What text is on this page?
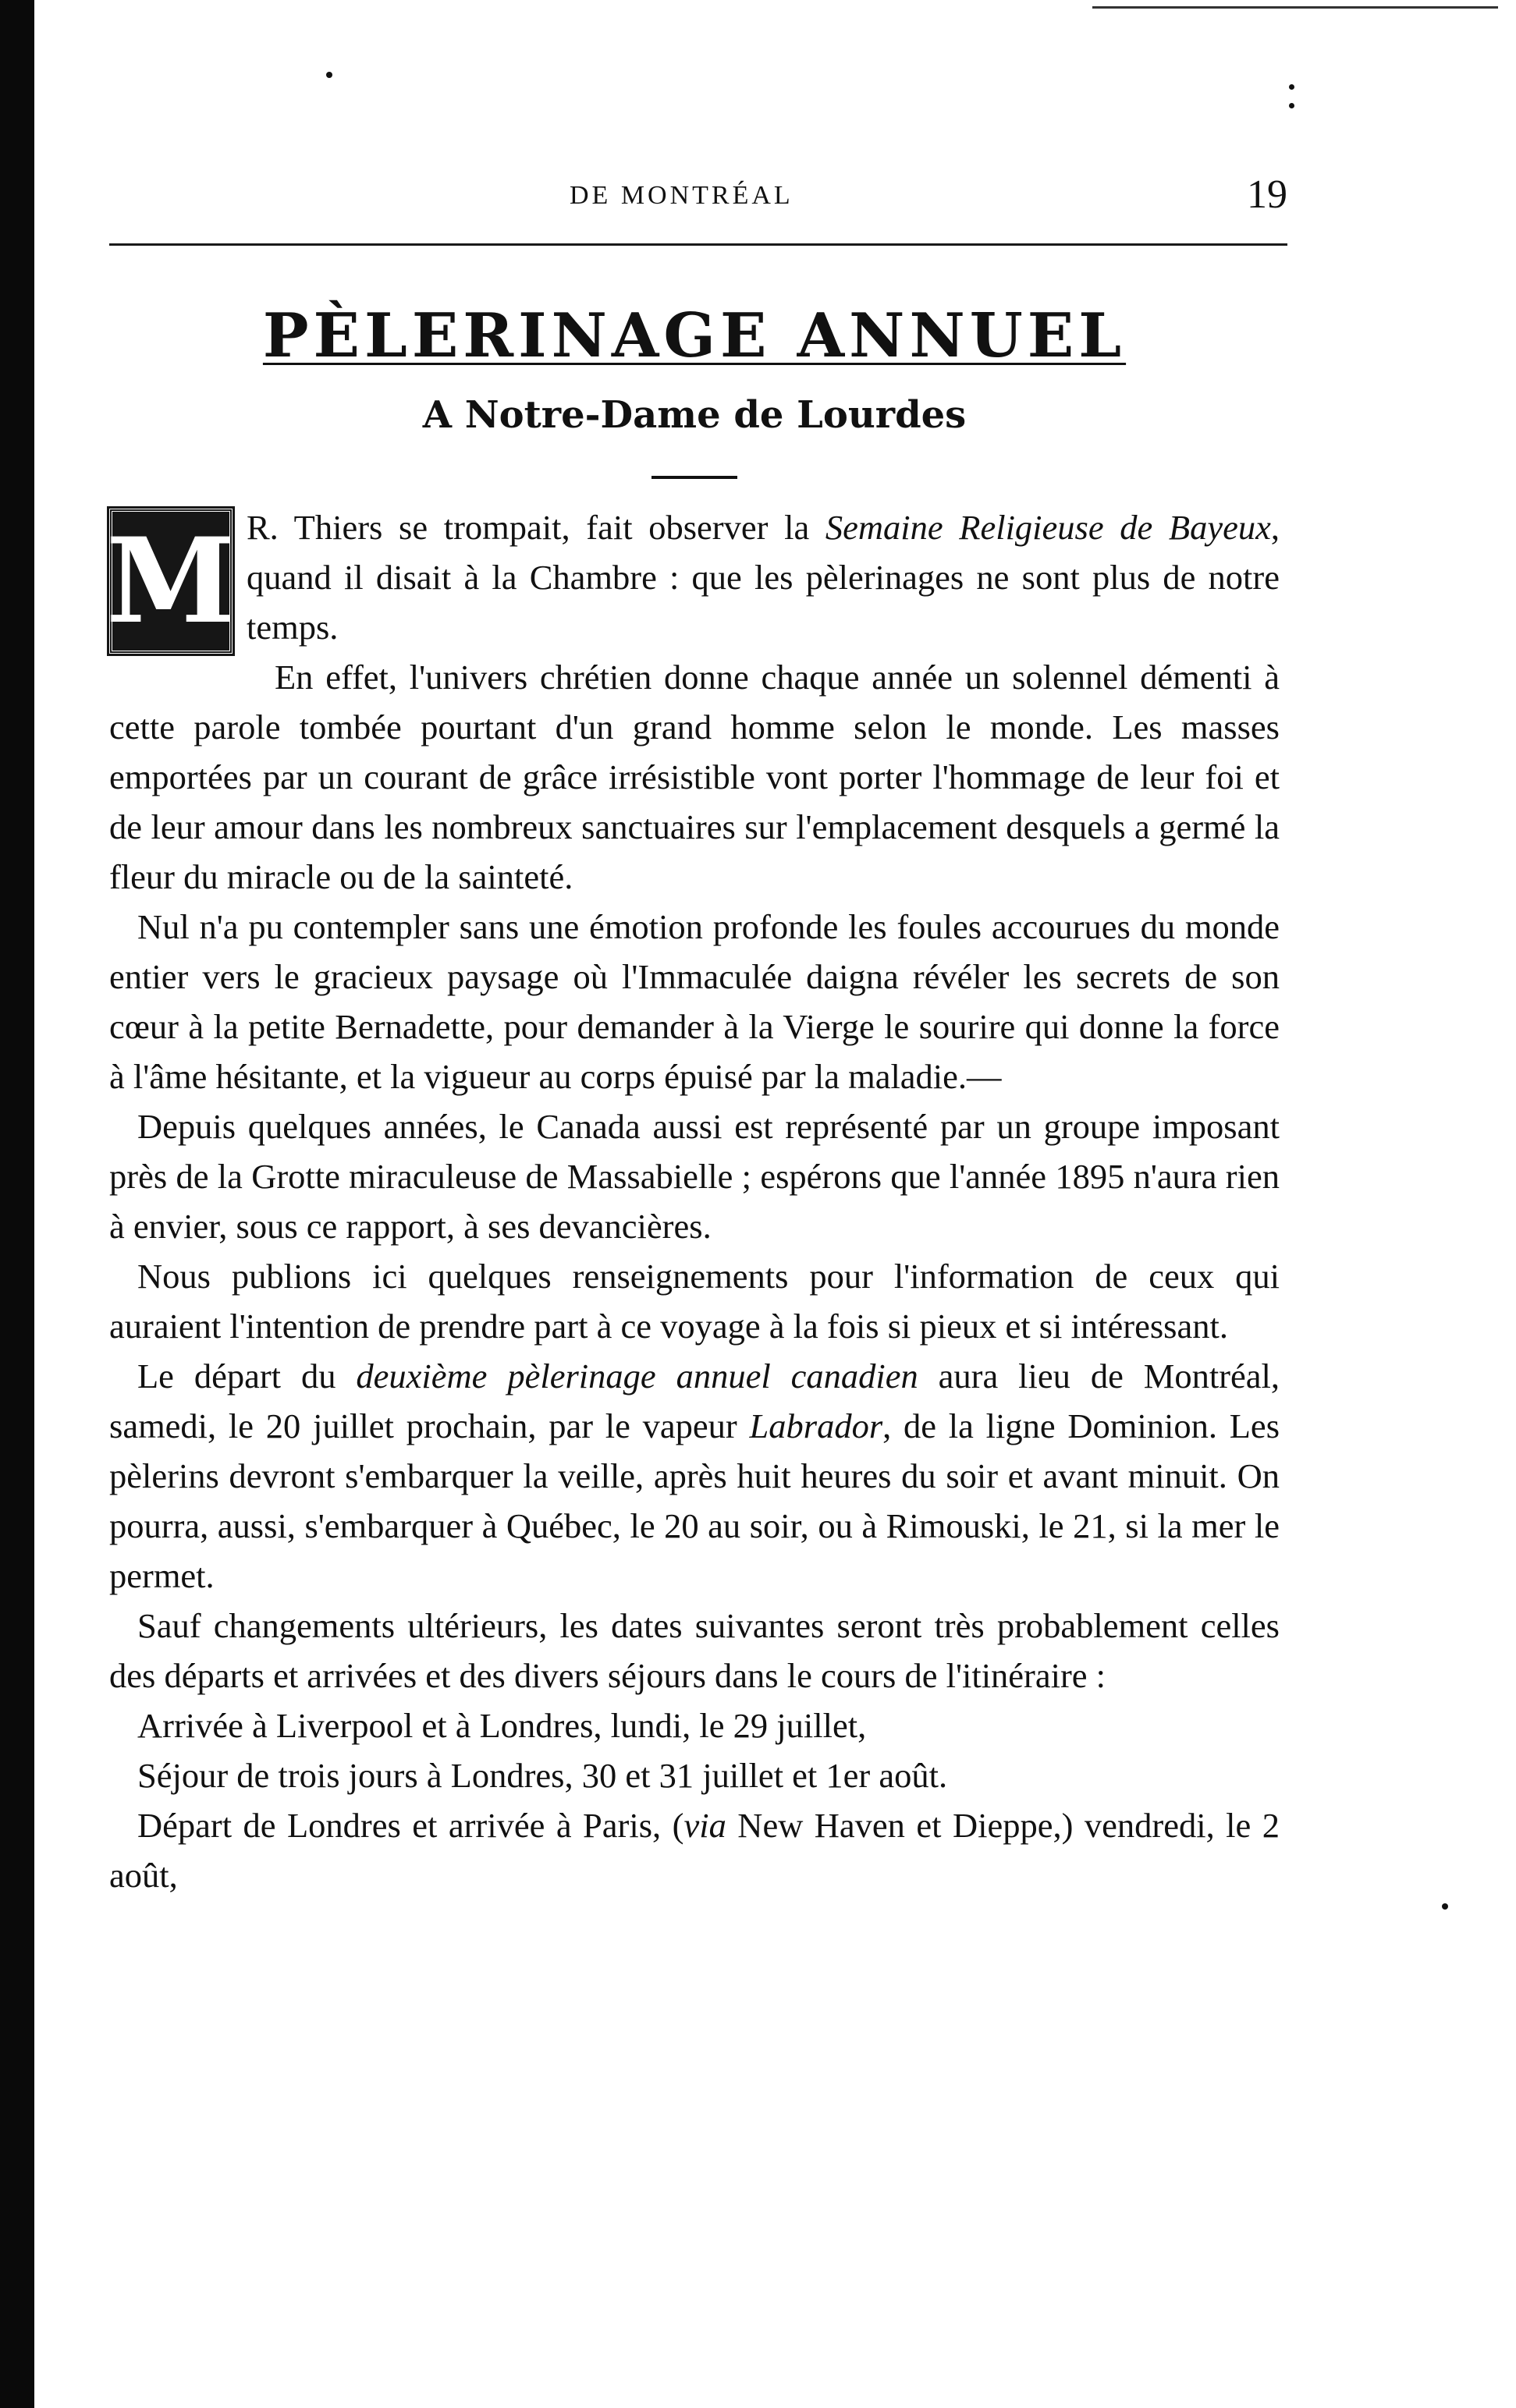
DE MONTRÉAL	19
PÈLERINAGE ANNUEL
A Notre-Dame de Lourdes

M R. Thiers se trompait, fait observer la Semaine Religieuse de Bayeux, quand il disait à la Chambre : que les pèlerinages ne sont plus de notre temps.

En effet, l'univers chrétien donne chaque année un solennel démenti à cette parole tombée pourtant d'un grand homme selon le monde. Les masses emportées par un courant de grâce irrésistible vont porter l'hommage de leur foi et de leur amour dans les nombreux sanctuaires sur l'emplacement desquels a germé la fleur du miracle ou de la sainteté.

Nul n'a pu contempler sans une émotion profonde les foules accourues du monde entier vers le gracieux paysage où l'Immaculée daigna révéler les secrets de son cœur à la petite Bernadette, pour demander à la Vierge le sourire qui donne la force à l'âme hésitante, et la vigueur au corps épuisé par la maladie.—

Depuis quelques années, le Canada aussi est représenté par un groupe imposant près de la Grotte miraculeuse de Massabielle ; espérons que l'année 1895 n'aura rien à envier, sous ce rapport, à ses devancières.

Nous publions ici quelques renseignements pour l'information de ceux qui auraient l'intention de prendre part à ce voyage à la fois si pieux et si intéressant.

Le départ du deuxième pèlerinage annuel canadien aura lieu de Montréal, samedi, le 20 juillet prochain, par le vapeur Labrador, de la ligne Dominion. Les pèlerins devront s'embarquer la veille, après huit heures du soir et avant minuit. On pourra, aussi, s'embarquer à Québec, le 20 au soir, ou à Rimouski, le 21, si la mer le permet.

Sauf changements ultérieurs, les dates suivantes seront très probablement celles des départs et arrivées et des divers séjours dans le cours de l'itinéraire :

Arrivée à Liverpool et à Londres, lundi, le 29 juillet,

Séjour de trois jours à Londres, 30 et 31 juillet et 1er août.

Départ de Londres et arrivée à Paris, (via New Haven et Dieppe,) vendredi, le 2 août,
